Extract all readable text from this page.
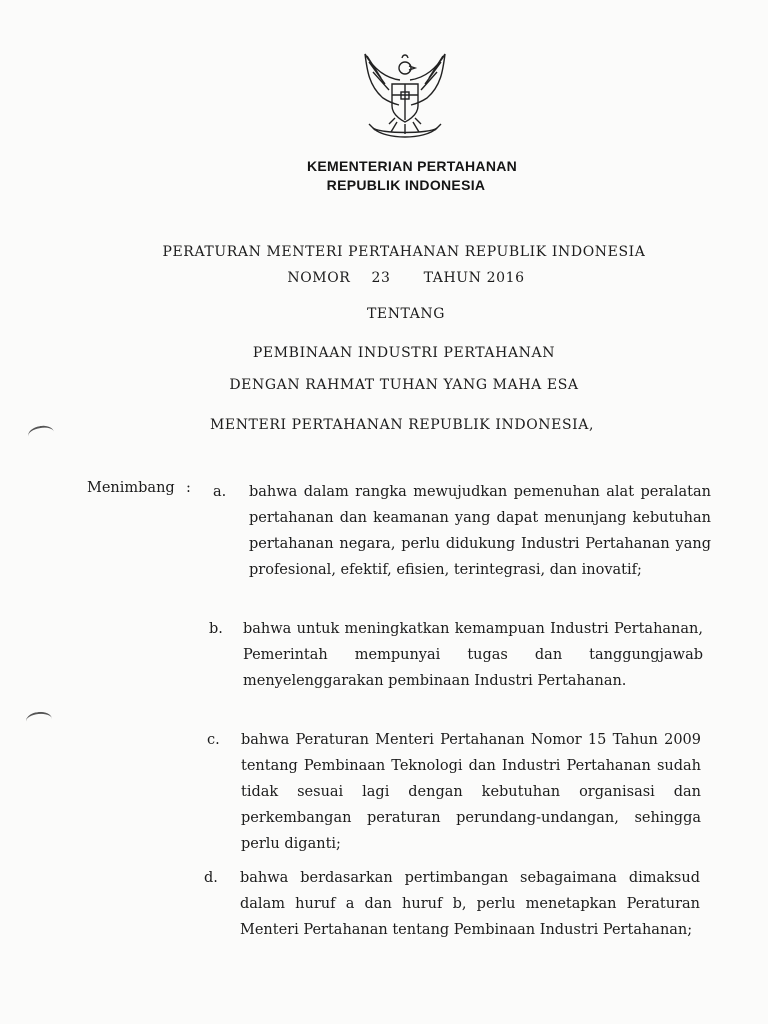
KEMENTERIAN PERTAHANAN
REPUBLIK INDONESIA
PERATURAN MENTERI PERTAHANAN REPUBLIK INDONESIA
NOMOR 23 TAHUN 2016
TENTANG
PEMBINAAN INDUSTRI PERTAHANAN
DENGAN RAHMAT TUHAN YANG MAHA ESA
MENTERI PERTAHANAN REPUBLIK INDONESIA,
Menimbang : a. bahwa dalam rangka mewujudkan pemenuhan alat peralatan pertahanan dan keamanan yang dapat menunjang kebutuhan pertahanan negara, perlu didukung Industri Pertahanan yang profesional, efektif, efisien, terintegrasi, dan inovatif;
b. bahwa untuk meningkatkan kemampuan Industri Pertahanan, Pemerintah mempunyai tugas dan tanggungjawab menyelenggarakan pembinaan Industri Pertahanan.
c. bahwa Peraturan Menteri Pertahanan Nomor 15 Tahun 2009 tentang Pembinaan Teknologi dan Industri Pertahanan sudah tidak sesuai lagi dengan kebutuhan organisasi dan perkembangan peraturan perundang-undangan, sehingga perlu diganti;
d. bahwa berdasarkan pertimbangan sebagaimana dimaksud dalam huruf a dan huruf b, perlu menetapkan Peraturan Menteri Pertahanan tentang Pembinaan Industri Pertahanan;
